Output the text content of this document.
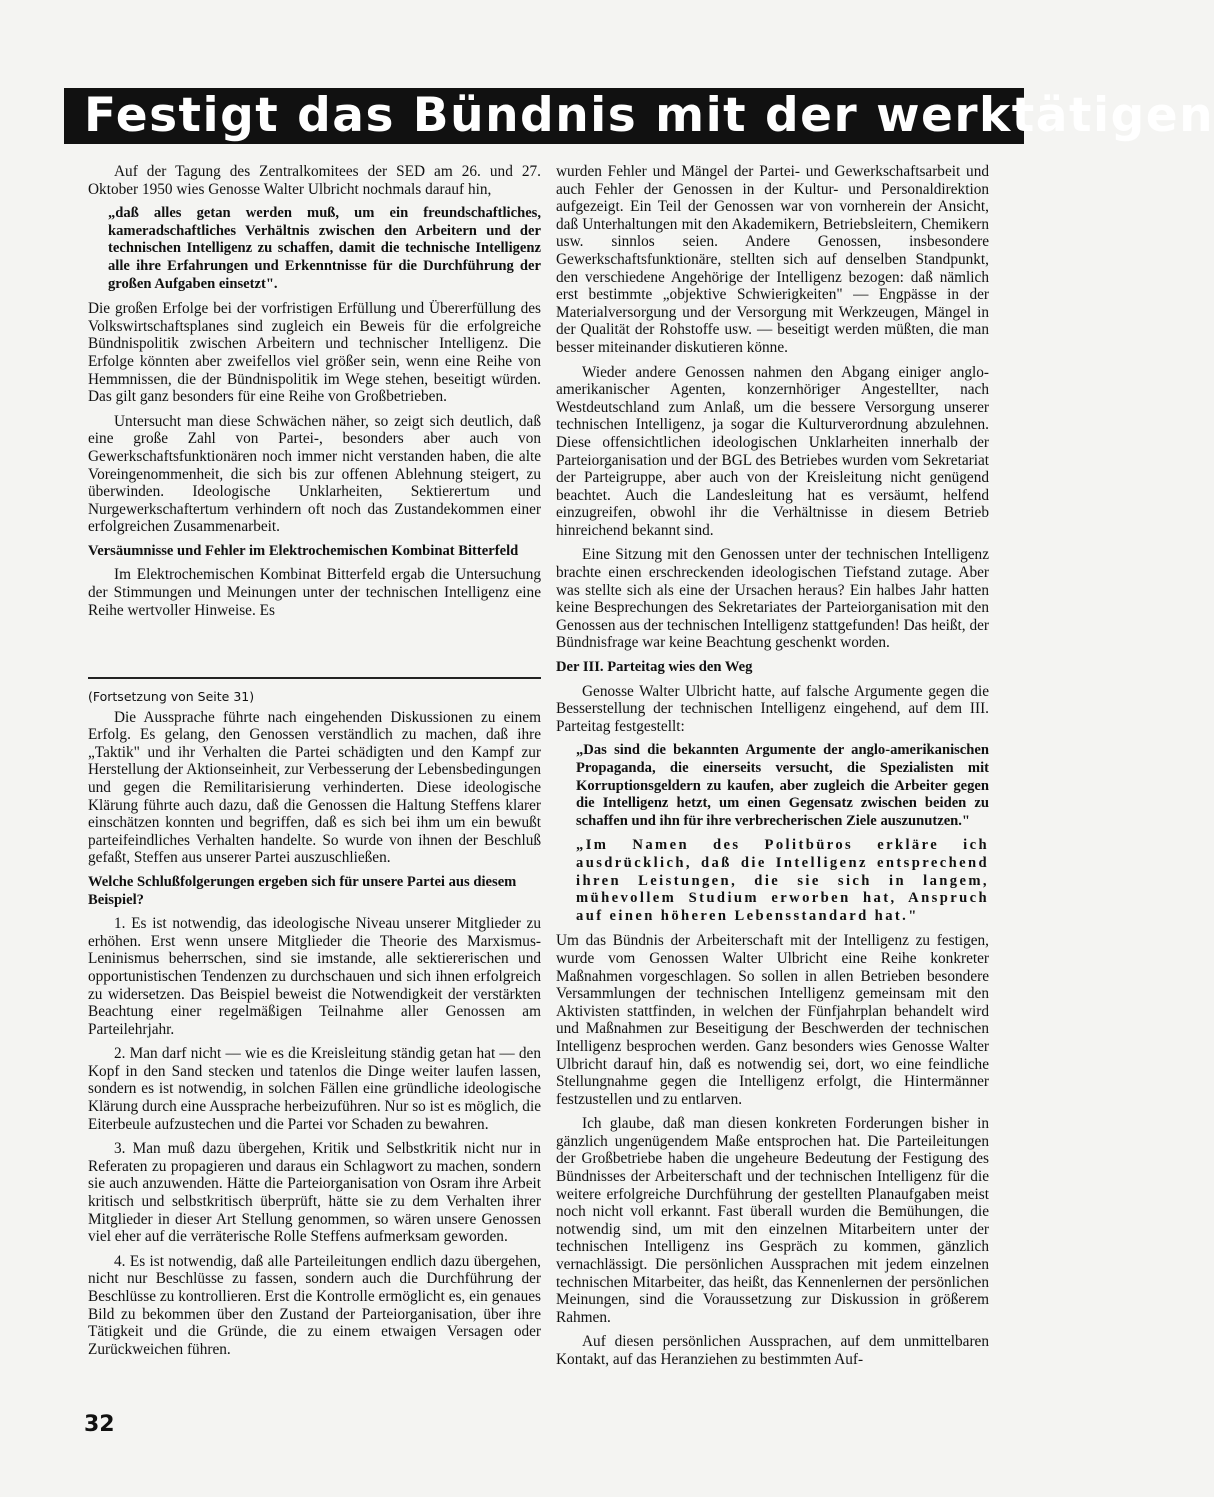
Festigt das Bündnis mit der werktätigen

Auf der Tagung des Zentralkomitees der SED am 26. und 27. Oktober 1950 wies Genosse Walter Ulbricht nochmals darauf hin,

„daß alles getan werden muß, um ein freundschaftliches, kameradschaftliches Verhältnis zwischen den Arbeitern und der technischen Intelligenz zu schaffen, damit die technische Intelligenz alle ihre Erfahrungen und Erkenntnisse für die Durchführung der großen Aufgaben einsetzt".

Die großen Erfolge bei der vorfristigen Erfüllung und Übererfüllung des Volkswirtschaftsplanes sind zugleich ein Beweis für die erfolgreiche Bündnispolitik zwischen Arbeitern und technischer Intelligenz. Die Erfolge könnten aber zweifellos viel größer sein, wenn eine Reihe von Hemmnissen, die der Bündnispolitik im Wege stehen, beseitigt würden. Das gilt ganz besonders für eine Reihe von Großbetrieben.

Untersucht man diese Schwächen näher, so zeigt sich deutlich, daß eine große Zahl von Partei-, besonders aber auch von Gewerkschaftsfunktionären noch immer nicht verstanden haben, die alte Voreingenommenheit, die sich bis zur offenen Ablehnung steigert, zu überwinden. Ideologische Unklarheiten, Sektierertum und Nurgewerkschaftertum verhindern oft noch das Zustandekommen einer erfolgreichen Zusammenarbeit.

Versäumnisse und Fehler im Elektrochemischen Kombinat Bitterfeld

Im Elektrochemischen Kombinat Bitterfeld ergab die Untersuchung der Stimmungen und Meinungen unter der technischen Intelligenz eine Reihe wertvoller Hinweise. Es

(Fortsetzung von Seite 31)

Die Aussprache führte nach eingehenden Diskussionen zu einem Erfolg. Es gelang, den Genossen verständlich zu machen, daß ihre „Taktik" und ihr Verhalten die Partei schädigten und den Kampf zur Herstellung der Aktionseinheit, zur Verbesserung der Lebensbedingungen und gegen die Remilitarisierung verhinderten. Diese ideologische Klärung führte auch dazu, daß die Genossen die Haltung Steffens klarer einschätzen konnten und begriffen, daß es sich bei ihm um ein bewußt parteifeindliches Verhalten handelte. So wurde von ihnen der Beschluß gefaßt, Steffen aus unserer Partei auszuschließen.

Welche Schlußfolgerungen ergeben sich für unsere Partei aus diesem Beispiel?

1. Es ist notwendig, das ideologische Niveau unserer Mitglieder zu erhöhen. Erst wenn unsere Mitglieder die Theorie des Marxismus-Leninismus beherrschen, sind sie imstande, alle sektiererischen und opportunistischen Tendenzen zu durchschauen und sich ihnen erfolgreich zu widersetzen. Das Beispiel beweist die Notwendigkeit der verstärkten Beachtung einer regelmäßigen Teilnahme aller Genossen am Parteilehrjahr.

2. Man darf nicht — wie es die Kreisleitung ständig getan hat — den Kopf in den Sand stecken und tatenlos die Dinge weiter laufen lassen, sondern es ist notwendig, in solchen Fällen eine gründliche ideologische Klärung durch eine Aussprache herbeizuführen. Nur so ist es möglich, die Eiterbeule aufzustechen und die Partei vor Schaden zu bewahren.

3. Man muß dazu übergehen, Kritik und Selbstkritik nicht nur in Referaten zu propagieren und daraus ein Schlagwort zu machen, sondern sie auch anzuwenden. Hätte die Parteiorganisation von Osram ihre Arbeit kritisch und selbstkritisch überprüft, hätte sie zu dem Verhalten ihrer Mitglieder in dieser Art Stellung genommen, so wären unsere Genossen viel eher auf die verräterische Rolle Steffens aufmerksam geworden.

4. Es ist notwendig, daß alle Parteileitungen endlich dazu übergehen, nicht nur Beschlüsse zu fassen, sondern auch die Durchführung der Beschlüsse zu kontrollieren. Erst die Kontrolle ermöglicht es, ein genaues Bild zu bekommen über den Zustand der Parteiorganisation, über ihre Tätigkeit und die Gründe, die zu einem etwaigen Versagen oder Zurückweichen führen.

wurden Fehler und Mängel der Partei- und Gewerkschaftsarbeit und auch Fehler der Genossen in der Kultur- und Personaldirektion aufgezeigt. Ein Teil der Genossen war von vornherein der Ansicht, daß Unterhaltungen mit den Akademikern, Betriebsleitern, Chemikern usw. sinnlos seien. Andere Genossen, insbesondere Gewerkschaftsfunktionäre, stellten sich auf denselben Standpunkt, den verschiedene Angehörige der Intelligenz bezogen: daß nämlich erst bestimmte „objektive Schwierigkeiten" — Engpässe in der Materialversorgung und der Versorgung mit Werkzeugen, Mängel in der Qualität der Rohstoffe usw. — beseitigt werden müßten, die man besser miteinander diskutieren könne.

Wieder andere Genossen nahmen den Abgang einiger anglo-amerikanischer Agenten, konzernhöriger Angestellter, nach Westdeutschland zum Anlaß, um die bessere Versorgung unserer technischen Intelligenz, ja sogar die Kulturverordnung abzulehnen. Diese offensichtlichen ideologischen Unklarheiten innerhalb der Parteiorganisation und der BGL des Betriebes wurden vom Sekretariat der Parteigruppe, aber auch von der Kreisleitung nicht genügend beachtet. Auch die Landesleitung hat es versäumt, helfend einzugreifen, obwohl ihr die Verhältnisse in diesem Betrieb hinreichend bekannt sind.

Eine Sitzung mit den Genossen unter der technischen Intelligenz brachte einen erschreckenden ideologischen Tiefstand zutage. Aber was stellte sich als eine der Ursachen heraus? Ein halbes Jahr hatten keine Besprechungen des Sekretariates der Parteiorganisation mit den Genossen aus der technischen Intelligenz stattgefunden! Das heißt, der Bündnisfrage war keine Beachtung geschenkt worden.

Der III. Parteitag wies den Weg

Genosse Walter Ulbricht hatte, auf falsche Argumente gegen die Besserstellung der technischen Intelligenz eingehend, auf dem III. Parteitag festgestellt:

„Das sind die bekannten Argumente der anglo-amerikanischen Propaganda, die einerseits versucht, die Spezialisten mit Korruptionsgeldern zu kaufen, aber zugleich die Arbeiter gegen die Intelligenz hetzt, um einen Gegensatz zwischen beiden zu schaffen und ihn für ihre verbrecherischen Ziele auszunutzen."

„Im Namen des Politbüros erkläre ich ausdrücklich, daß die Intelligenz entsprechend ihren Leistungen, die sie sich in langem, mühevollem Studium erworben hat, Anspruch auf einen höheren Lebensstandard hat."

Um das Bündnis der Arbeiterschaft mit der Intelligenz zu festigen, wurde vom Genossen Walter Ulbricht eine Reihe konkreter Maßnahmen vorgeschlagen. So sollen in allen Betrieben besondere Versammlungen der technischen Intelligenz gemeinsam mit den Aktivisten stattfinden, in welchen der Fünfjahrplan behandelt wird und Maßnahmen zur Beseitigung der Beschwerden der technischen Intelligenz besprochen werden. Ganz besonders wies Genosse Walter Ulbricht darauf hin, daß es notwendig sei, dort, wo eine feindliche Stellungnahme gegen die Intelligenz erfolgt, die Hintermänner festzustellen und zu entlarven.

Ich glaube, daß man diesen konkreten Forderungen bisher in gänzlich ungenügendem Maße entsprochen hat. Die Parteileitungen der Großbetriebe haben die ungeheure Bedeutung der Festigung des Bündnisses der Arbeiterschaft und der technischen Intelligenz für die weitere erfolgreiche Durchführung der gestellten Planaufgaben meist noch nicht voll erkannt. Fast überall wurden die Bemühungen, die notwendig sind, um mit den einzelnen Mitarbeitern unter der technischen Intelligenz ins Gespräch zu kommen, gänzlich vernachlässigt. Die persönlichen Aussprachen mit jedem einzelnen technischen Mitarbeiter, das heißt, das Kennenlernen der persönlichen Meinungen, sind die Voraussetzung zur Diskussion in größerem Rahmen.

Auf diesen persönlichen Aussprachen, auf dem unmittelbaren Kontakt, auf das Heranziehen zu bestimmten Auf-

32
